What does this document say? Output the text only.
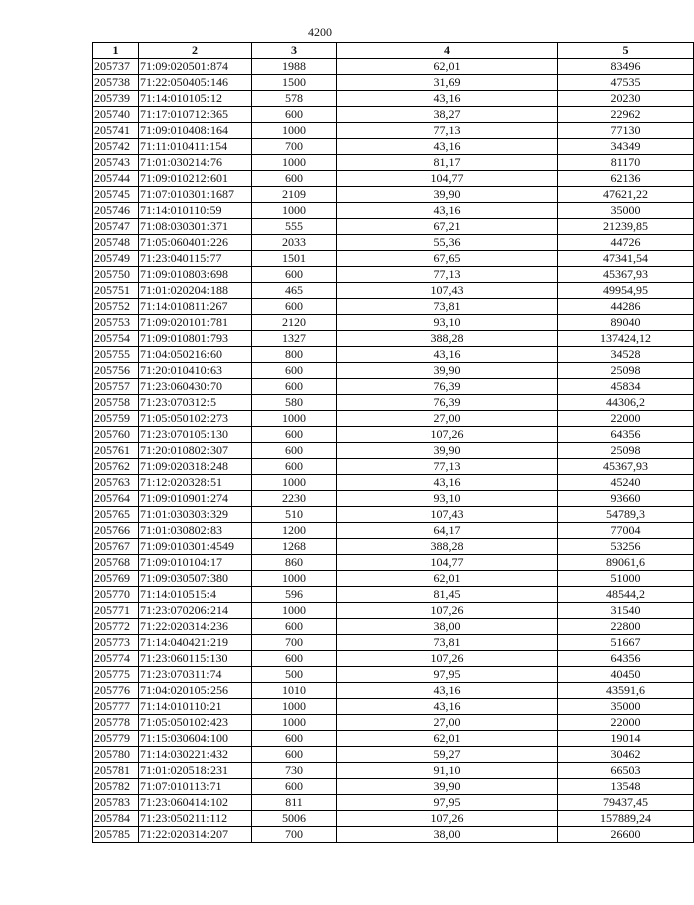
4200
1	2	3	4	5
205737	71:09:020501:874	1988	62,01	83496
205738	71:22:050405:146	1500	31,69	47535
205739	71:14:010105:12	578	43,16	20230
205740	71:17:010712:365	600	38,27	22962
205741	71:09:010408:164	1000	77,13	77130
205742	71:11:010411:154	700	43,16	34349
205743	71:01:030214:76	1000	81,17	81170
205744	71:09:010212:601	600	104,77	62136
205745	71:07:010301:1687	2109	39,90	47621,22
205746	71:14:010110:59	1000	43,16	35000
205747	71:08:030301:371	555	67,21	21239,85
205748	71:05:060401:226	2033	55,36	44726
205749	71:23:040115:77	1501	67,65	47341,54
205750	71:09:010803:698	600	77,13	45367,93
205751	71:01:020204:188	465	107,43	49954,95
205752	71:14:010811:267	600	73,81	44286
205753	71:09:020101:781	2120	93,10	89040
205754	71:09:010801:793	1327	388,28	137424,12
205755	71:04:050216:60	800	43,16	34528
205756	71:20:010410:63	600	39,90	25098
205757	71:23:060430:70	600	76,39	45834
205758	71:23:070312:5	580	76,39	44306,2
205759	71:05:050102:273	1000	27,00	22000
205760	71:23:070105:130	600	107,26	64356
205761	71:20:010802:307	600	39,90	25098
205762	71:09:020318:248	600	77,13	45367,93
205763	71:12:020328:51	1000	43,16	45240
205764	71:09:010901:274	2230	93,10	93660
205765	71:01:030303:329	510	107,43	54789,3
205766	71:01:030802:83	1200	64,17	77004
205767	71:09:010301:4549	1268	388,28	53256
205768	71:09:010104:17	860	104,77	89061,6
205769	71:09:030507:380	1000	62,01	51000
205770	71:14:010515:4	596	81,45	48544,2
205771	71:23:070206:214	1000	107,26	31540
205772	71:22:020314:236	600	38,00	22800
205773	71:14:040421:219	700	73,81	51667
205774	71:23:060115:130	600	107,26	64356
205775	71:23:070311:74	500	97,95	40450
205776	71:04:020105:256	1010	43,16	43591,6
205777	71:14:010110:21	1000	43,16	35000
205778	71:05:050102:423	1000	27,00	22000
205779	71:15:030604:100	600	62,01	19014
205780	71:14:030221:432	600	59,27	30462
205781	71:01:020518:231	730	91,10	66503
205782	71:07:010113:71	600	39,90	13548
205783	71:23:060414:102	811	97,95	79437,45
205784	71:23:050211:112	5006	107,26	157889,24
205785	71:22:020314:207	700	38,00	26600
